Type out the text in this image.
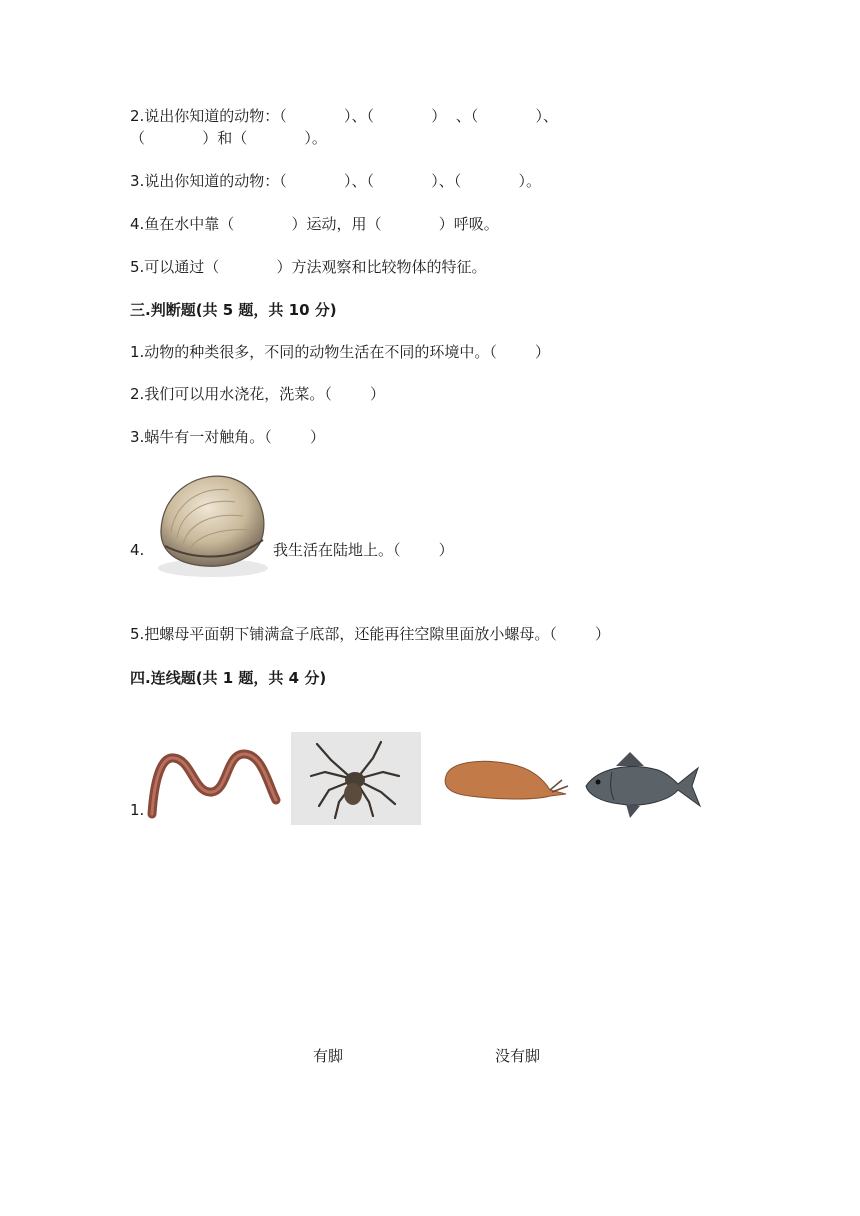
2.说出你知道的动物：（            ）、（            ）  、（            ）、
（            ）和（            ）。
3.说出你知道的动物：（            ）、（            ）、（            ）。
4.鱼在水中靠（            ）运动，用（            ）呼吸。
5.可以通过（            ）方法观察和比较物体的特征。
三.判断题(共 5 题，共 10 分)
1.动物的种类很多，不同的动物生活在不同的环境中。（        ）
2.我们可以用水浇花，洗菜。（        ）
3.蜗牛有一对触角。（        ）
4.	我生活在陆地上。（        ）
5.把螺母平面朝下铺满盒子底部，还能再往空隙里面放小螺母。（        ）
四.连线题(共 1 题，共 4 分)
1.
有脚	没有脚
